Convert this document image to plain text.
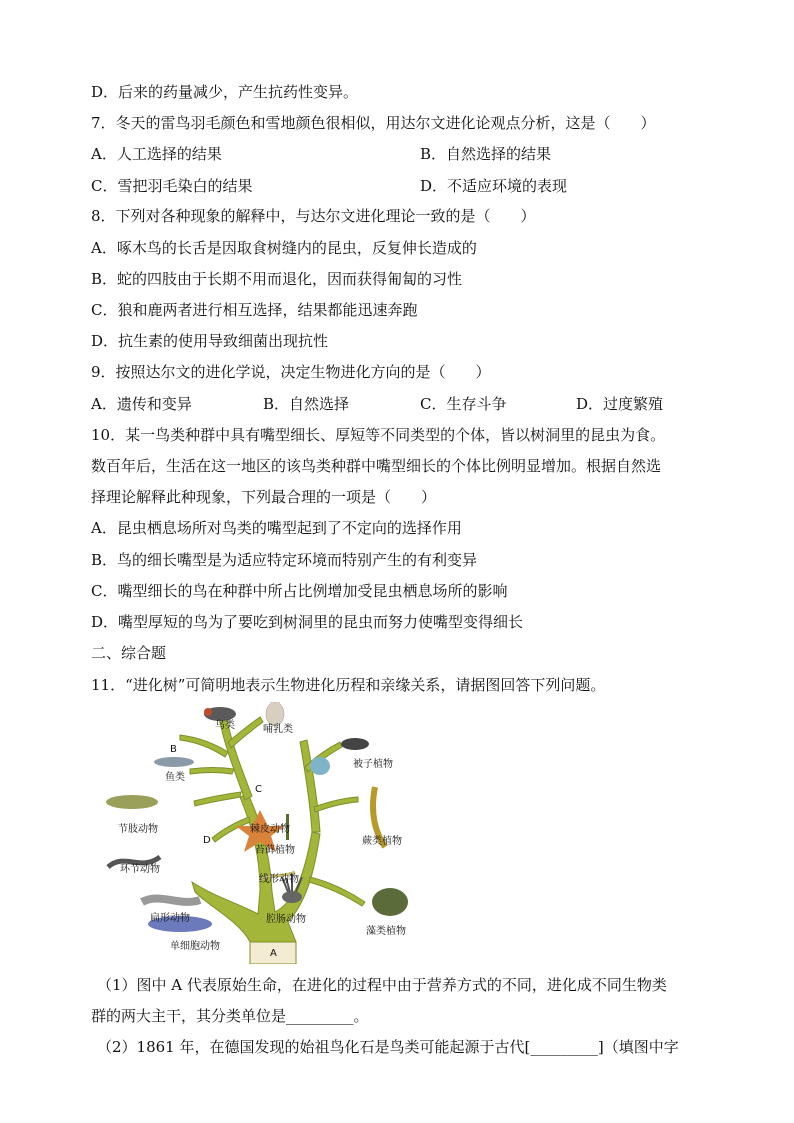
D．后来的药量减少，产生抗药性变异。
7．冬天的雷鸟羽毛颜色和雪地颜色很相似，用达尔文进化论观点分析，这是（　　）
A．人工选择的结果	B．自然选择的结果
C．雪把羽毛染白的结果	D．不适应环境的表现
8．下列对各种现象的解释中，与达尔文进化理论一致的是（　　）
A．啄木鸟的长舌是因取食树缝内的昆虫，反复伸长造成的
B．蛇的四肢由于长期不用而退化，因而获得匍匐的习性
C．狼和鹿两者进行相互选择，结果都能迅速奔跑
D．抗生素的使用导致细菌出现抗性
9．按照达尔文的进化学说，决定生物进化方向的是（　　）
A．遗传和变异	B．自然选择	C．生存斗争	D．过度繁殖
10．某一鸟类种群中具有嘴型细长、厚短等不同类型的个体，皆以树洞里的昆虫为食。
数百年后，生活在这一地区的该鸟类种群中嘴型细长的个体比例明显增加。根据自然选
择理论解释此种现象，下列最合理的一项是（　　）
A．昆虫栖息场所对鸟类的嘴型起到了不定向的选择作用
B．鸟的细长嘴型是为适应特定环境而特别产生的有利变异
C．嘴型细长的鸟在种群中所占比例增加受昆虫栖息场所的影响
D．嘴型厚短的鸟为了要吃到树洞里的昆虫而努力使嘴型变得细长
二、综合题
11．“进化树”可简明地表示生物进化历程和亲缘关系，请据图回答下列问题。
鸟类	哺乳类
被子植物
鱼类
节肢动物	棘皮动物
蕨类植物
苔藓植物
环节动物
线形动物
扁形动物	腔肠动物
藻类植物
单细胞动物
A
B
C
D
（1）图中 A 代表原始生命，在进化的过程中由于营养方式的不同，进化成不同生物类
群的两大主干，其分类单位是_________。
（2）1861 年，在德国发现的始祖鸟化石是鸟类可能起源于古代[_________]（填图中字
